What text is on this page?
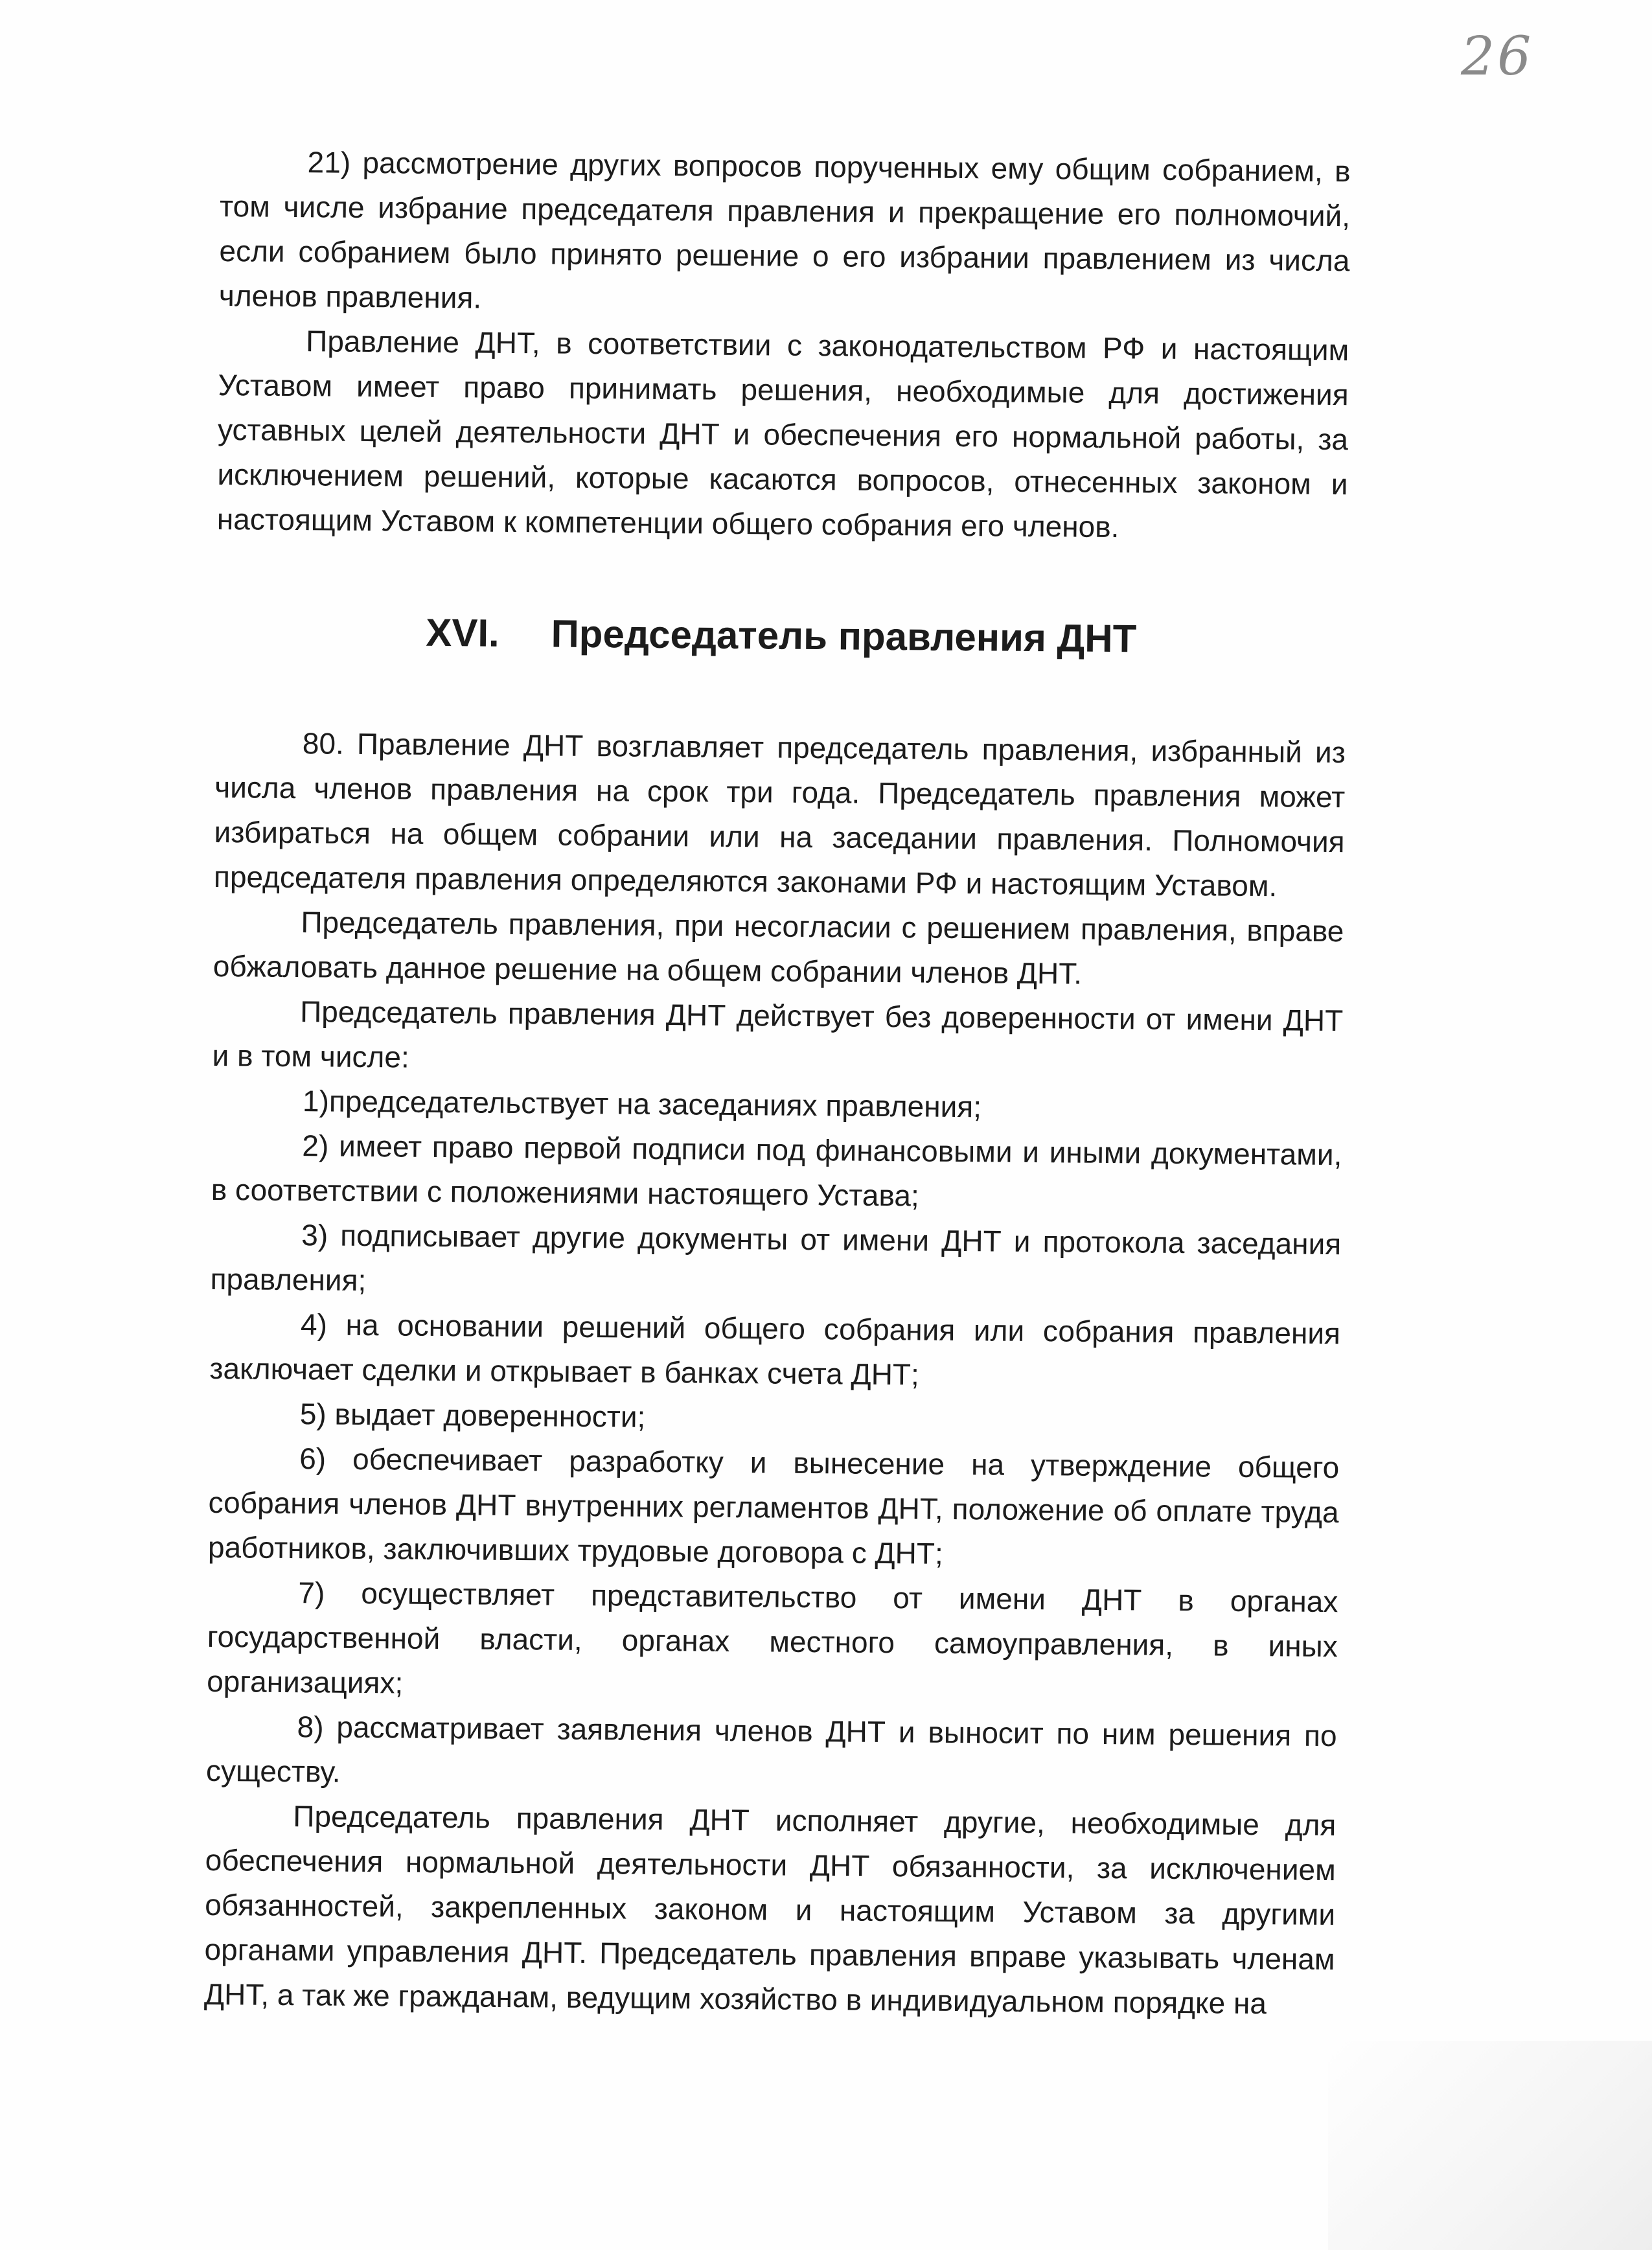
26

21) рассмотрение других вопросов порученных ему общим собранием, в том числе избрание председателя правления и прекращение его полномочий, если собранием было принято решение о его избрании правлением из числа членов правления.

Правление ДНТ, в соответствии с законодательством РФ и настоящим Уставом имеет право принимать решения, необходимые для достижения уставных целей деятельности ДНТ и обеспечения его нормальной работы, за исключением решений, которые касаются вопросов, отнесенных законом и настоящим Уставом к компетенции общего собрания его членов.

XVI. Председатель правления ДНТ

80. Правление ДНТ возглавляет председатель правления, избранный из числа членов правления на срок три года. Председатель правления может избираться на общем собрании или на заседании правления. Полномочия председателя правления определяются законами РФ и настоящим Уставом.

Председатель правления, при несогласии с решением правления, вправе обжаловать данное решение на общем собрании членов ДНТ.

Председатель правления ДНТ действует без доверенности от имени ДНТ и в том числе:

1)председательствует на заседаниях правления;

2) имеет право первой подписи под финансовыми и иными документами, в соответствии с положениями настоящего Устава;

3) подписывает другие документы от имени ДНТ и протокола заседания правления;

4) на основании решений общего собрания или собрания правления заключает сделки и открывает в банках счета ДНТ;

5) выдает доверенности;

6) обеспечивает разработку и вынесение на утверждение общего собрания членов ДНТ внутренних регламентов ДНТ, положение об оплате труда работников, заключивших трудовые договора с ДНТ;

7) осуществляет представительство от имени ДНТ в органах государственной власти, органах местного самоуправления, в иных организациях;

8) рассматривает заявления членов ДНТ и выносит по ним решения по существу.

Председатель правления ДНТ исполняет другие, необходимые для обеспечения нормальной деятельности ДНТ обязанности, за исключением обязанностей, закрепленных законом и настоящим Уставом за другими органами управления ДНТ. Председатель правления вправе указывать членам ДНТ, а так же гражданам, ведущим хозяйство в индивидуальном порядке на
